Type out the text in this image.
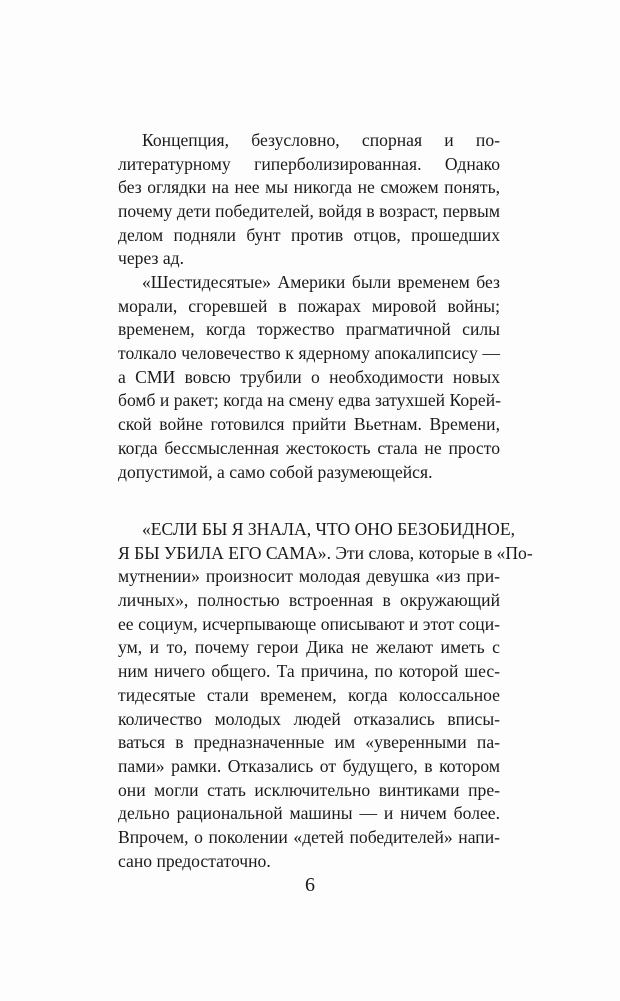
Концепция, безусловно, спорная и по-
литературному гиперболизированная. Однако
без оглядки на нее мы никогда не сможем понять,
почему дети победителей, войдя в возраст, первым
делом подняли бунт против отцов, прошедших
через ад.
«Шестидесятые» Америки были временем без
морали, сгоревшей в пожарах мировой войны;
временем, когда торжество прагматичной силы
толкало человечество к ядерному апокалипсису —
а СМИ вовсю трубили о необходимости новых
бомб и ракет; когда на смену едва затухшей Корей-
ской войне готовился прийти Вьетнам. Времени,
когда бессмысленная жестокость стала не просто
допустимой, а само собой разумеющейся.
«ЕСЛИ БЫ Я ЗНАЛА, ЧТО ОНО БЕЗОБИДНОЕ,
Я БЫ УБИЛА ЕГО САМА». Эти слова, которые в «По-
мутнении» произносит молодая девушка «из при-
личных», полностью встроенная в окружающий
ее социум, исчерпывающе описывают и этот соци-
ум, и то, почему герои Дика не желают иметь с
ним ничего общего. Та причина, по которой шес-
тидесятые стали временем, когда колоссальное
количество молодых людей отказались вписы-
ваться в предназначенные им «уверенными па-
пами» рамки. Отказались от будущего, в котором
они могли стать исключительно винтиками пре-
дельно рациональной машины — и ничем более.
Впрочем, о поколении «детей победителей» напи-
сано предостаточно.
6
